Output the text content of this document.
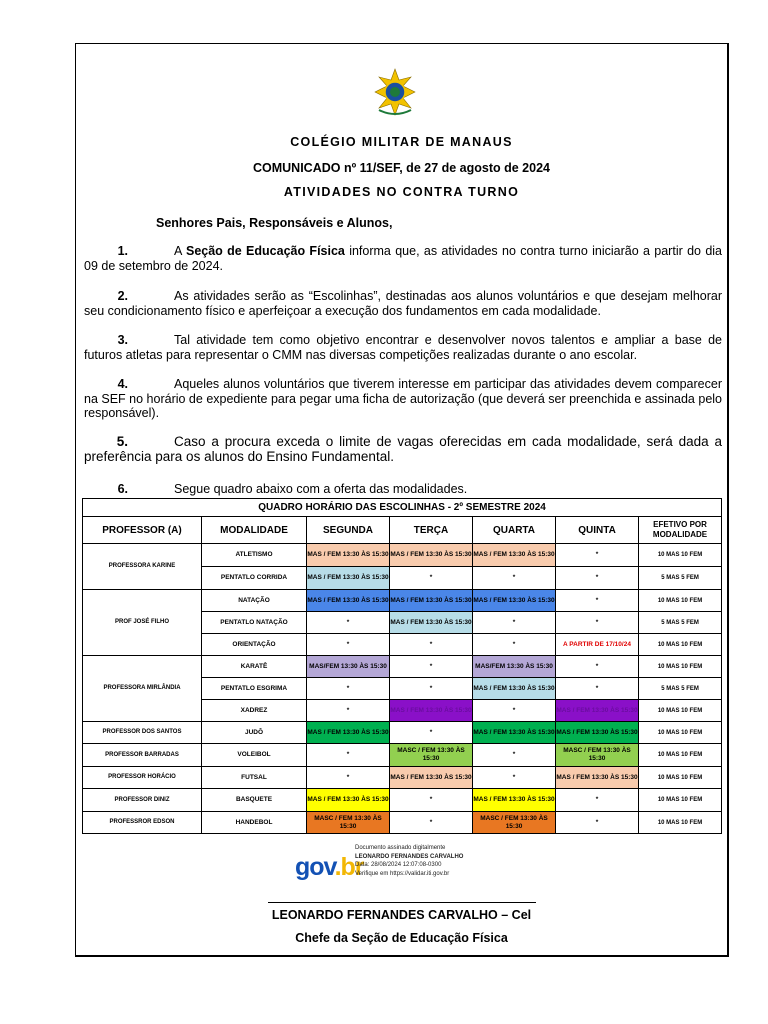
COLÉGIO MILITAR DE MANAUS
COMUNICADO nº 11/SEF, de 27 de agosto de 2024
ATIVIDADES NO CONTRA TURNO
Senhores Pais, Responsáveis e Alunos,
1.	A Seção de Educação Física informa que, as atividades no contra turno iniciarão a partir do dia 09 de setembro de 2024.
2.	As atividades serão as “Escolinhas”, destinadas aos alunos voluntários e que desejam melhorar seu condicionamento físico e aperfeiçoar a execução dos fundamentos em cada modalidade.
3.	Tal atividade tem como objetivo encontrar e desenvolver novos talentos e ampliar a base de futuros atletas para representar o CMM nas diversas competições realizadas durante o ano escolar.
4.	Aqueles alunos voluntários que tiverem interesse em participar das atividades devem comparecer na SEF no horário de expediente para pegar uma ficha de autorização (que deverá ser preenchida e assinada pelo responsável).
5.	Caso a procura exceda o limite de vagas oferecidas em cada modalidade, será dada a preferência para os alunos do Ensino Fundamental.
6.	Segue quadro abaixo com a oferta das modalidades.
QUADRO HORÁRIO DAS ESCOLINHAS - 2º SEMESTRE 2024						
PROFESSOR (A)	MODALIDADE	SEGUNDA	TERÇA	QUARTA	QUINTA	EFETIVO POR MODALIDADE
PROFESSORA KARINE	ATLETISMO	MAS / FEM 13:30 ÀS 15:30	MAS / FEM 13:30 ÀS 15:30	MAS / FEM 13:30 ÀS 15:30	*	10 MAS 10 FEM
	PENTATLO CORRIDA	MAS / FEM 13:30 ÀS 15:30	*	*	*	5 MAS 5 FEM
PROF JOSÉ FILHO	NATAÇÃO	MAS / FEM 13:30 ÀS 15:30	MAS / FEM 13:30 ÀS 15:30	MAS / FEM 13:30 ÀS 15:30	*	10 MAS 10 FEM
	PENTATLO NATAÇÃO	*	MAS / FEM 13:30 ÀS 15:30	*	*	5 MAS 5 FEM
	ORIENTAÇÃO	*	*	*	A PARTIR DE 17/10/24	10 MAS 10 FEM
PROFESSORA MIRLÂNDIA	KARATÊ	MAS/FEM 13:30 ÀS 15:30	*	MAS/FEM 13:30 ÀS 15:30	*	10 MAS 10 FEM
	PENTATLO ESGRIMA	*	*	MAS / FEM 13:30 ÀS 15:30	*	5 MAS 5 FEM
	XADREZ	*	MAS / FEM 13:30 ÀS 15:30	*	MAS / FEM 13:30 ÀS 15:30	10 MAS 10 FEM
PROFESSOR DOS SANTOS	JUDÔ	MAS / FEM 13:30 ÀS 15:30	*	MAS / FEM 13:30 ÀS 15:30	MAS / FEM 13:30 ÀS 15:30	10 MAS 10 FEM
PROFESSOR BARRADAS	VOLEIBOL	*	MASC / FEM 13:30 ÀS 15:30	*	MASC / FEM 13:30 ÀS 15:30	10 MAS 10 FEM
PROFESSOR HORÁCIO	FUTSAL	*	MAS / FEM 13:30 ÀS 15:30	*	MAS / FEM 13:30 ÀS 15:30	10 MAS 10 FEM
PROFESSOR DINIZ	BASQUETE	MAS / FEM 13:30 ÀS 15:30	*	MAS / FEM 13:30 ÀS 15:30	*	10 MAS 10 FEM
PROFESSROR EDSON	HANDEBOL	MASC / FEM 13:30 ÀS 15:30	*	MASC / FEM 13:30 ÀS 15:30	*	10 MAS 10 FEM
gov.br
Documento assinado digitalmente
LEONARDO FERNANDES CARVALHO
Data: 28/08/2024 12:07:08-0300
Verifique em https://validar.iti.gov.br
LEONARDO FERNANDES CARVALHO – Cel
Chefe da Seção de Educação Física
